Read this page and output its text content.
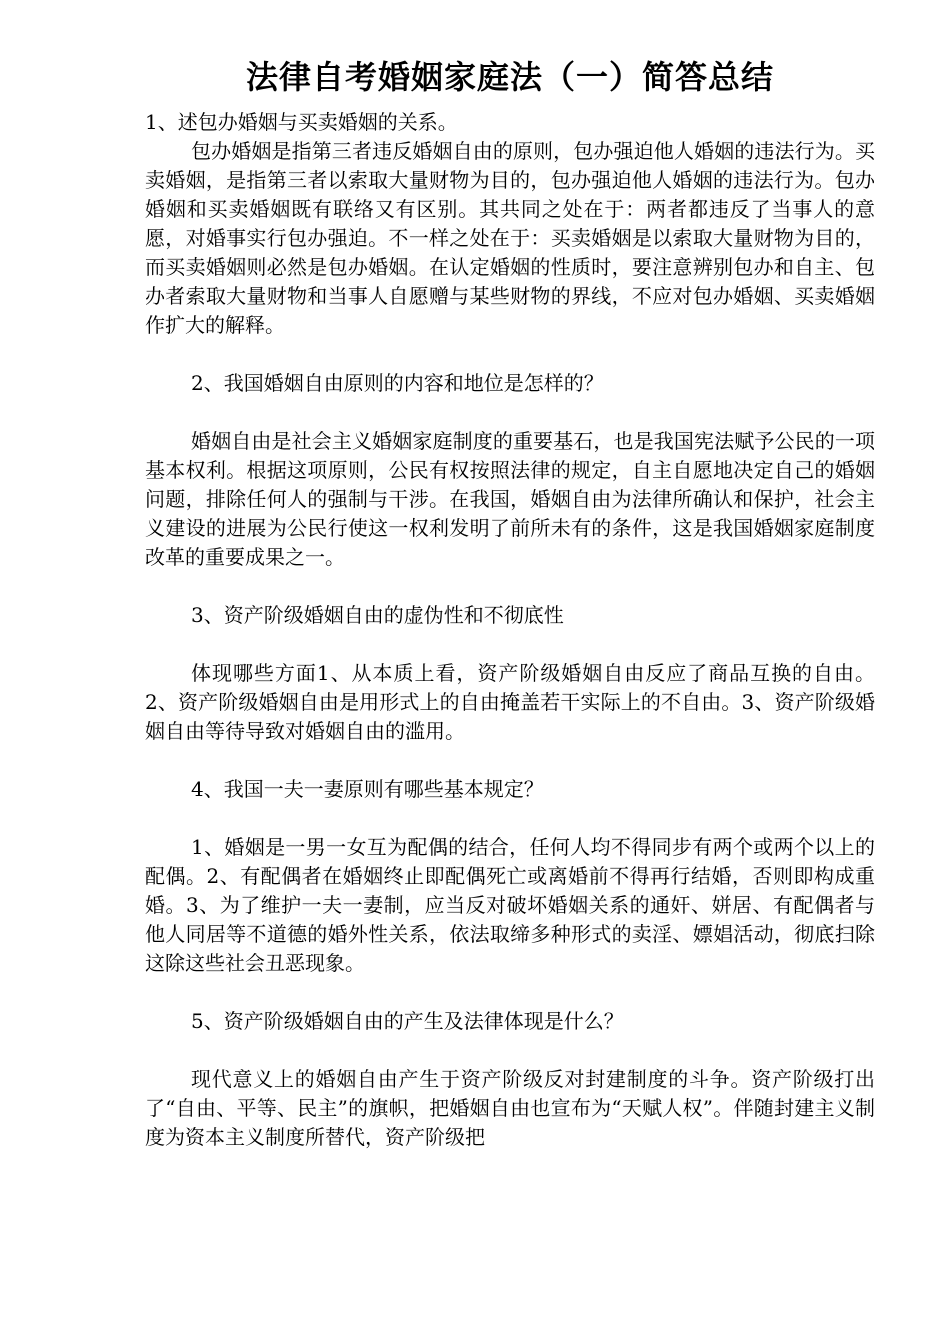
法律自考婚姻家庭法（一）简答总结

1、述包办婚姻与买卖婚姻的关系。

包办婚姻是指第三者违反婚姻自由的原则，包办强迫他人婚姻的违法行为。买卖婚姻，是指第三者以索取大量财物为目的，包办强迫他人婚姻的违法行为。包办婚姻和买卖婚姻既有联络又有区别。其共同之处在于：两者都违反了当事人的意愿，对婚事实行包办强迫。不一样之处在于：买卖婚姻是以索取大量财物为目的，而买卖婚姻则必然是包办婚姻。在认定婚姻的性质时，要注意辨别包办和自主、包办者索取大量财物和当事人自愿赠与某些财物的界线，不应对包办婚姻、买卖婚姻作扩大的解释。

2、我国婚姻自由原则的内容和地位是怎样的？

婚姻自由是社会主义婚姻家庭制度的重要基石，也是我国宪法赋予公民的一项基本权利。根据这项原则，公民有权按照法律的规定，自主自愿地决定自己的婚姻问题，排除任何人的强制与干涉。在我国，婚姻自由为法律所确认和保护，社会主义建设的进展为公民行使这一权利发明了前所未有的条件，这是我国婚姻家庭制度改革的重要成果之一。

3、资产阶级婚姻自由的虚伪性和不彻底性

体现哪些方面1、从本质上看，资产阶级婚姻自由反应了商品互换的自由。2、资产阶级婚姻自由是用形式上的自由掩盖若干实际上的不自由。3、资产阶级婚姻自由等待导致对婚姻自由的滥用。

4、我国一夫一妻原则有哪些基本规定？

1、婚姻是一男一女互为配偶的结合，任何人均不得同步有两个或两个以上的配偶。2、有配偶者在婚姻终止即配偶死亡或离婚前不得再行结婚，否则即构成重婚。3、为了维护一夫一妻制，应当反对破坏婚姻关系的通奸、姘居、有配偶者与他人同居等不道德的婚外性关系，依法取缔多种形式的卖淫、嫖娼活动，彻底扫除这除这些社会丑恶现象。

5、资产阶级婚姻自由的产生及法律体现是什么？

现代意义上的婚姻自由产生于资产阶级反对封建制度的斗争。资产阶级打出了“自由、平等、民主”的旗帜，把婚姻自由也宣布为“天赋人权”。伴随封建主义制度为资本主义制度所替代，资产阶级把
